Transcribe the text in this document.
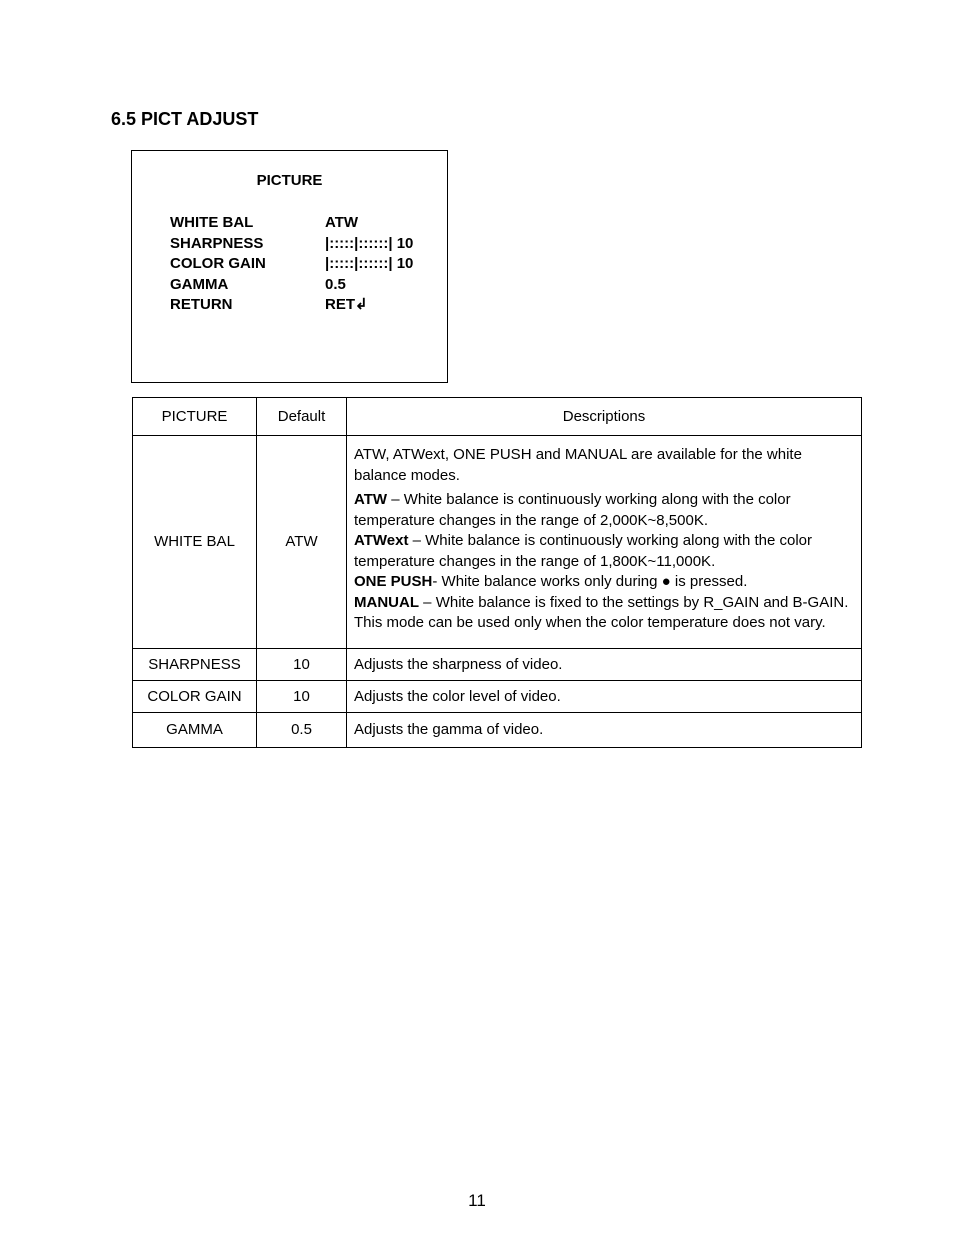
6.5 PICT ADJUST
PICTURE
WHITE BAL	ATW
SHARPNESS	|:::::|::::::| 10
COLOR GAIN	|:::::|::::::| 10
GAMMA	0.5
RETURN	RET↲
PICTURE	Default	Descriptions
WHITE BAL	ATW	ATW, ATWext, ONE PUSH and MANUAL are available for the white balance modes.
ATW – White balance is continuously working along with the color temperature changes in the range of 2,000K~8,500K.
ATWext – White balance is continuously working along with the color temperature changes in the range of 1,800K~11,000K.
ONE PUSH- White balance works only during ● is pressed.
MANUAL – White balance is fixed to the settings by R_GAIN and B-GAIN. This mode can be used only when the color temperature does not vary.

SHARPNESS	10	Adjusts the sharpness of video.
COLOR GAIN	10	Adjusts the color level of video.
GAMMA	0.5	Adjusts the gamma of video.
11
